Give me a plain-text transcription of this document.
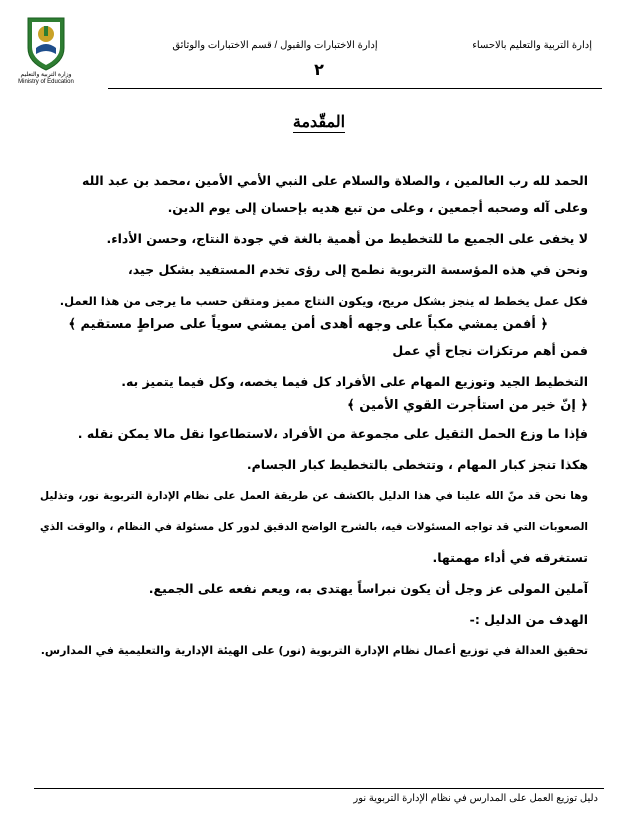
وزارة التربية والتعليم
Ministry of Education
إدارة الاختبارات والقبول / قسم الاختبارات والوثائق	إدارة التربية والتعليم بالاحساء
٢
المقّدمة
الحمد لله رب العالمين ، والصلاة والسلام على النبي الأمي الأمين ،محمد بن عبد الله
وعلى آله وصحبه أجمعين ، وعلى من تبع هديه بإحسان إلى يوم الدين.
لا يخفى على الجميع ما للتخطيط من أهمية بالغة في جودة النتاج، وحسن الأداء.
ونحن في هذه المؤسسة التربوية نطمح إلى رؤى تخدم المستفيد بشكل جيد،
فكل عمل يخطط له ينجز بشكل مريح، ويكون النتاج مميز ومتقن حسب ما يرجى من هذا العمل.
﴿ أفمن يمشي مكباً على وجهه أهدى أمن يمشي سوياً على صراطٍ مستقيم ﴾
فمن أهم مرتكزات نجاح أي عمل
التخطيط الجيد وتوزيع المهام على الأفراد كل فيما يخصه، وكل فيما يتميز به.
﴿ إنّ خير من استأجرت القوي الأمين ﴾
فإذا ما وزع الحمل الثقيل على مجموعة من الأفراد ،لاستطاعوا نقل مالا يمكن نقله .
هكذا تنجز كبار المهام ، وتتخطى بالتخطيط كبار الجسام.
وها نحن قد منّ الله علينا في هذا الدليل بالكشف عن طريقة العمل على نظام الإدارة التربوية نور، وتذليل
الصعوبات التي قد تواجه المسئولات فيه، بالشرح الواضح الدقيق لدور كل مسئولة في النظام ، والوقت الذي
تستغرقه في أداء مهمتها.
آملين المولى عز وجل أن يكون نبراساً يهتدى به، ويعم نفعه على الجميع.
الهدف من الدليل :-
تحقيق العدالة في توزيع أعمال نظام الإدارة التربوية (نور) على الهيئة الإدارية والتعليمية في المدارس.
دليل توزيع العمل على المدارس في نظام الإدارة التربوية نور
